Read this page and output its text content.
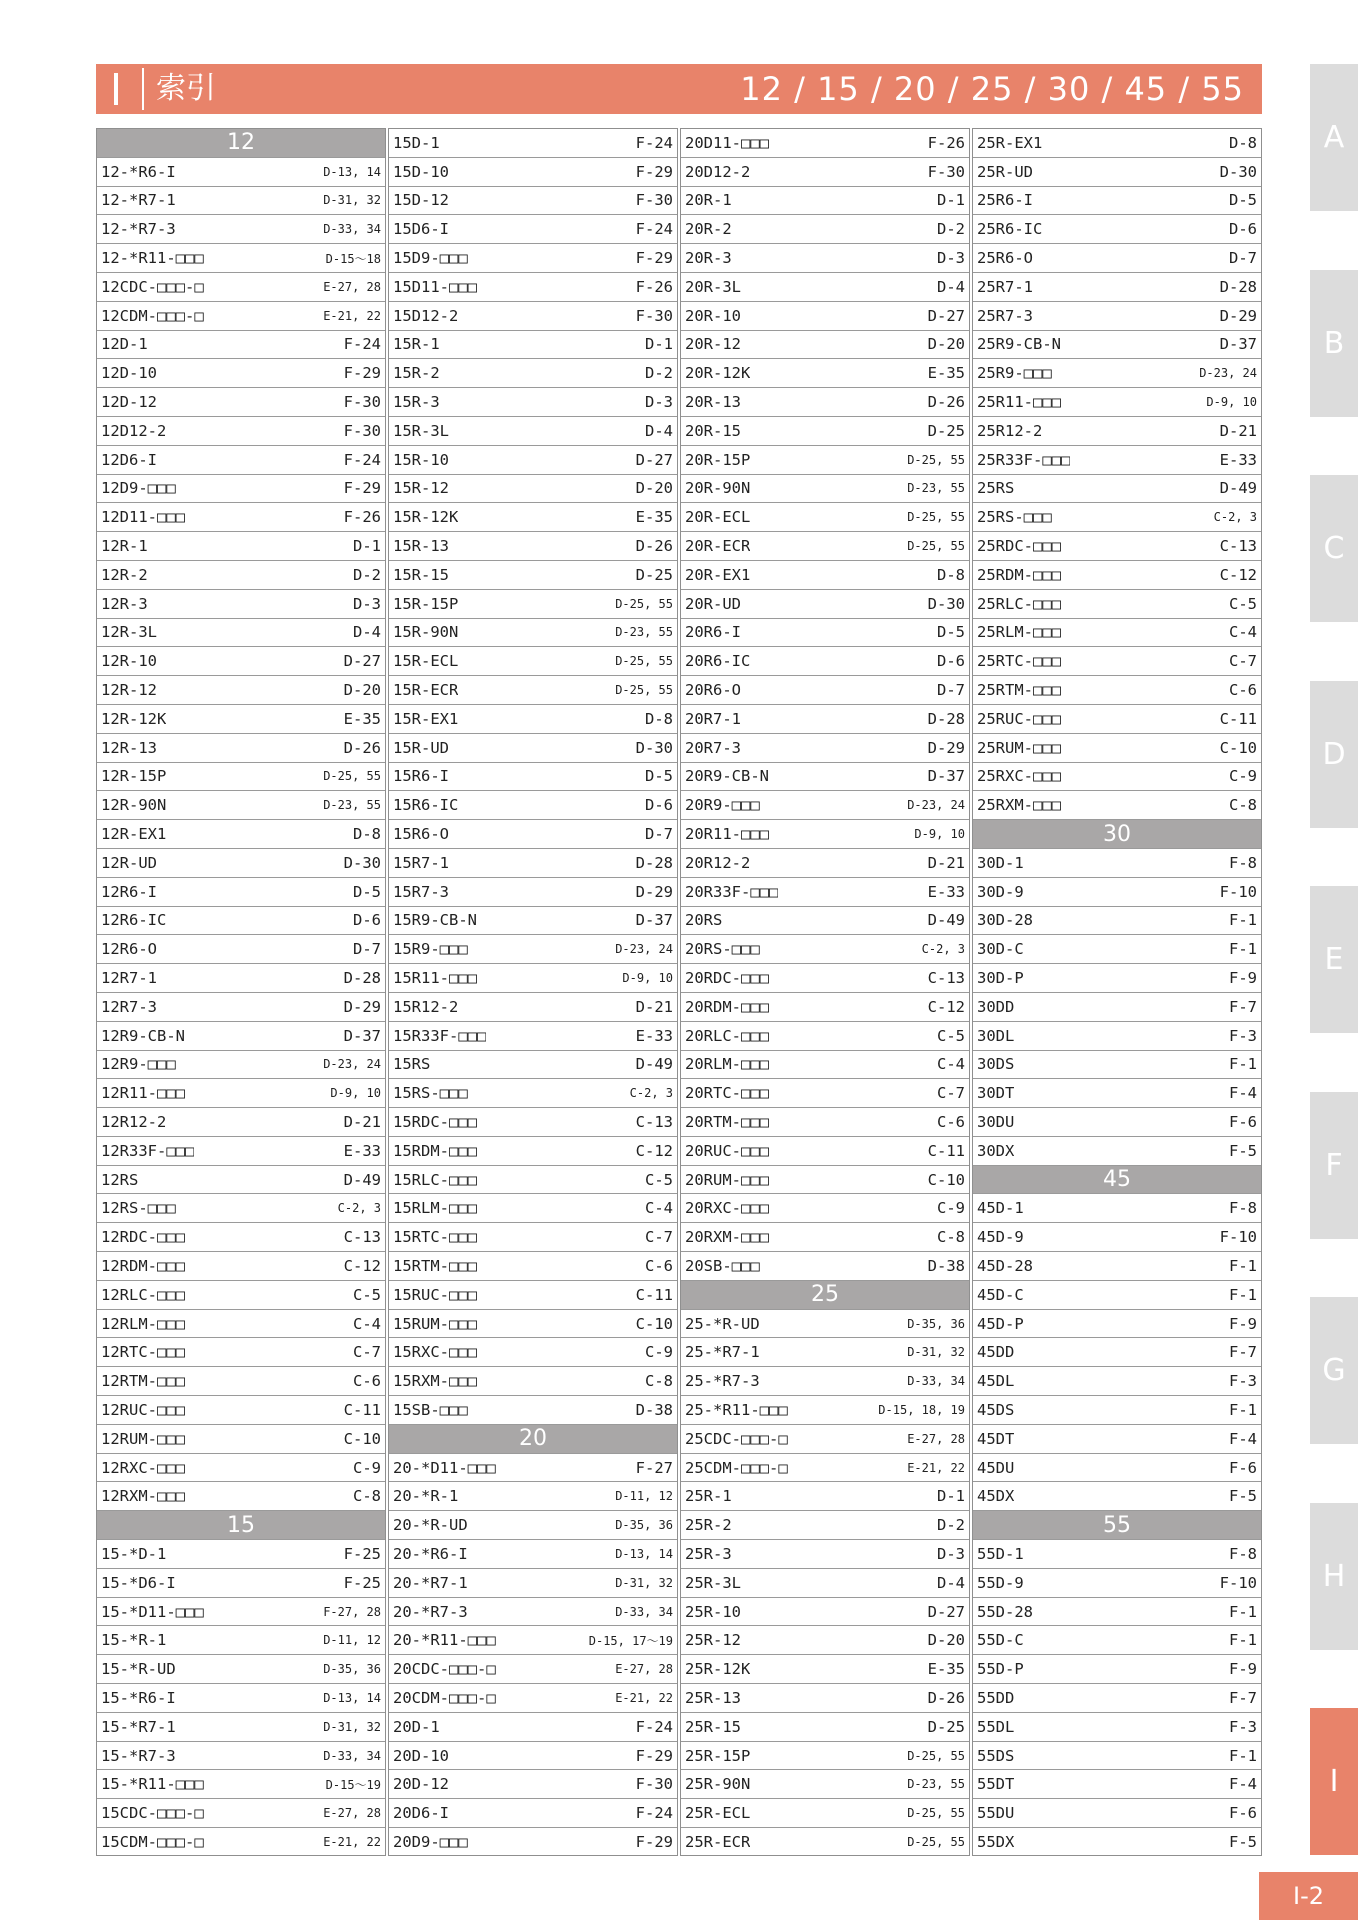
索引	12 / 15 / 20 / 25 / 30 / 45 / 55
12
12-*R6-I	D-13, 14
12-*R7-1	D-31, 32
12-*R7-3	D-33, 34
12-*R11-□□□	D-15～18
12CDC-□□□-□	E-27, 28
12CDM-□□□-□	E-21, 22
12D-1	F-24
12D-10	F-29
12D-12	F-30
12D12-2	F-30
12D6-I	F-24
12D9-□□□	F-29
12D11-□□□	F-26
12R-1	D-1
12R-2	D-2
12R-3	D-3
12R-3L	D-4
12R-10	D-27
12R-12	D-20
12R-12K	E-35
12R-13	D-26
12R-15P	D-25, 55
12R-90N	D-23, 55
12R-EX1	D-8
12R-UD	D-30
12R6-I	D-5
12R6-IC	D-6
12R6-O	D-7
12R7-1	D-28
12R7-3	D-29
12R9-CB-N	D-37
12R9-□□□	D-23, 24
12R11-□□□	D-9, 10
12R12-2	D-21
12R33F-□□□	E-33
12RS	D-49
12RS-□□□	C-2, 3
12RDC-□□□	C-13
12RDM-□□□	C-12
12RLC-□□□	C-5
12RLM-□□□	C-4
12RTC-□□□	C-7
12RTM-□□□	C-6
12RUC-□□□	C-11
12RUM-□□□	C-10
12RXC-□□□	C-9
12RXM-□□□	C-8
15
15-*D-1	F-25
15-*D6-I	F-25
15-*D11-□□□	F-27, 28
15-*R-1	D-11, 12
15-*R-UD	D-35, 36
15-*R6-I	D-13, 14
15-*R7-1	D-31, 32
15-*R7-3	D-33, 34
15-*R11-□□□	D-15～19
15CDC-□□□-□	E-27, 28
15CDM-□□□-□	E-21, 22
15D-1	F-24
15D-10	F-29
15D-12	F-30
15D6-I	F-24
15D9-□□□	F-29
15D11-□□□	F-26
15D12-2	F-30
15R-1	D-1
15R-2	D-2
15R-3	D-3
15R-3L	D-4
15R-10	D-27
15R-12	D-20
15R-12K	E-35
15R-13	D-26
15R-15	D-25
15R-15P	D-25, 55
15R-90N	D-23, 55
15R-ECL	D-25, 55
15R-ECR	D-25, 55
15R-EX1	D-8
15R-UD	D-30
15R6-I	D-5
15R6-IC	D-6
15R6-O	D-7
15R7-1	D-28
15R7-3	D-29
15R9-CB-N	D-37
15R9-□□□	D-23, 24
15R11-□□□	D-9, 10
15R12-2	D-21
15R33F-□□□	E-33
15RS	D-49
15RS-□□□	C-2, 3
15RDC-□□□	C-13
15RDM-□□□	C-12
15RLC-□□□	C-5
15RLM-□□□	C-4
15RTC-□□□	C-7
15RTM-□□□	C-6
15RUC-□□□	C-11
15RUM-□□□	C-10
15RXC-□□□	C-9
15RXM-□□□	C-8
15SB-□□□	D-38
20
20-*D11-□□□	F-27
20-*R-1	D-11, 12
20-*R-UD	D-35, 36
20-*R6-I	D-13, 14
20-*R7-1	D-31, 32
20-*R7-3	D-33, 34
20-*R11-□□□	D-15, 17～19
20CDC-□□□-□	E-27, 28
20CDM-□□□-□	E-21, 22
20D-1	F-24
20D-10	F-29
20D-12	F-30
20D6-I	F-24
20D9-□□□	F-29
20D11-□□□	F-26
20D12-2	F-30
20R-1	D-1
20R-2	D-2
20R-3	D-3
20R-3L	D-4
20R-10	D-27
20R-12	D-20
20R-12K	E-35
20R-13	D-26
20R-15	D-25
20R-15P	D-25, 55
20R-90N	D-23, 55
20R-ECL	D-25, 55
20R-ECR	D-25, 55
20R-EX1	D-8
20R-UD	D-30
20R6-I	D-5
20R6-IC	D-6
20R6-O	D-7
20R7-1	D-28
20R7-3	D-29
20R9-CB-N	D-37
20R9-□□□	D-23, 24
20R11-□□□	D-9, 10
20R12-2	D-21
20R33F-□□□	E-33
20RS	D-49
20RS-□□□	C-2, 3
20RDC-□□□	C-13
20RDM-□□□	C-12
20RLC-□□□	C-5
20RLM-□□□	C-4
20RTC-□□□	C-7
20RTM-□□□	C-6
20RUC-□□□	C-11
20RUM-□□□	C-10
20RXC-□□□	C-9
20RXM-□□□	C-8
20SB-□□□	D-38
25
25-*R-UD	D-35, 36
25-*R7-1	D-31, 32
25-*R7-3	D-33, 34
25-*R11-□□□	D-15, 18, 19
25CDC-□□□-□	E-27, 28
25CDM-□□□-□	E-21, 22
25R-1	D-1
25R-2	D-2
25R-3	D-3
25R-3L	D-4
25R-10	D-27
25R-12	D-20
25R-12K	E-35
25R-13	D-26
25R-15	D-25
25R-15P	D-25, 55
25R-90N	D-23, 55
25R-ECL	D-25, 55
25R-ECR	D-25, 55
25R-EX1	D-8
25R-UD	D-30
25R6-I	D-5
25R6-IC	D-6
25R6-O	D-7
25R7-1	D-28
25R7-3	D-29
25R9-CB-N	D-37
25R9-□□□	D-23, 24
25R11-□□□	D-9, 10
25R12-2	D-21
25R33F-□□□	E-33
25RS	D-49
25RS-□□□	C-2, 3
25RDC-□□□	C-13
25RDM-□□□	C-12
25RLC-□□□	C-5
25RLM-□□□	C-4
25RTC-□□□	C-7
25RTM-□□□	C-6
25RUC-□□□	C-11
25RUM-□□□	C-10
25RXC-□□□	C-9
25RXM-□□□	C-8
30
30D-1	F-8
30D-9	F-10
30D-28	F-1
30D-C	F-1
30D-P	F-9
30DD	F-7
30DL	F-3
30DS	F-1
30DT	F-4
30DU	F-6
30DX	F-5
45
45D-1	F-8
45D-9	F-10
45D-28	F-1
45D-C	F-1
45D-P	F-9
45DD	F-7
45DL	F-3
45DS	F-1
45DT	F-4
45DU	F-6
45DX	F-5
55
55D-1	F-8
55D-9	F-10
55D-28	F-1
55D-C	F-1
55D-P	F-9
55DD	F-7
55DL	F-3
55DS	F-1
55DT	F-4
55DU	F-6
55DX	F-5
A
B
C
D
E
F
G
H
I
I-2
